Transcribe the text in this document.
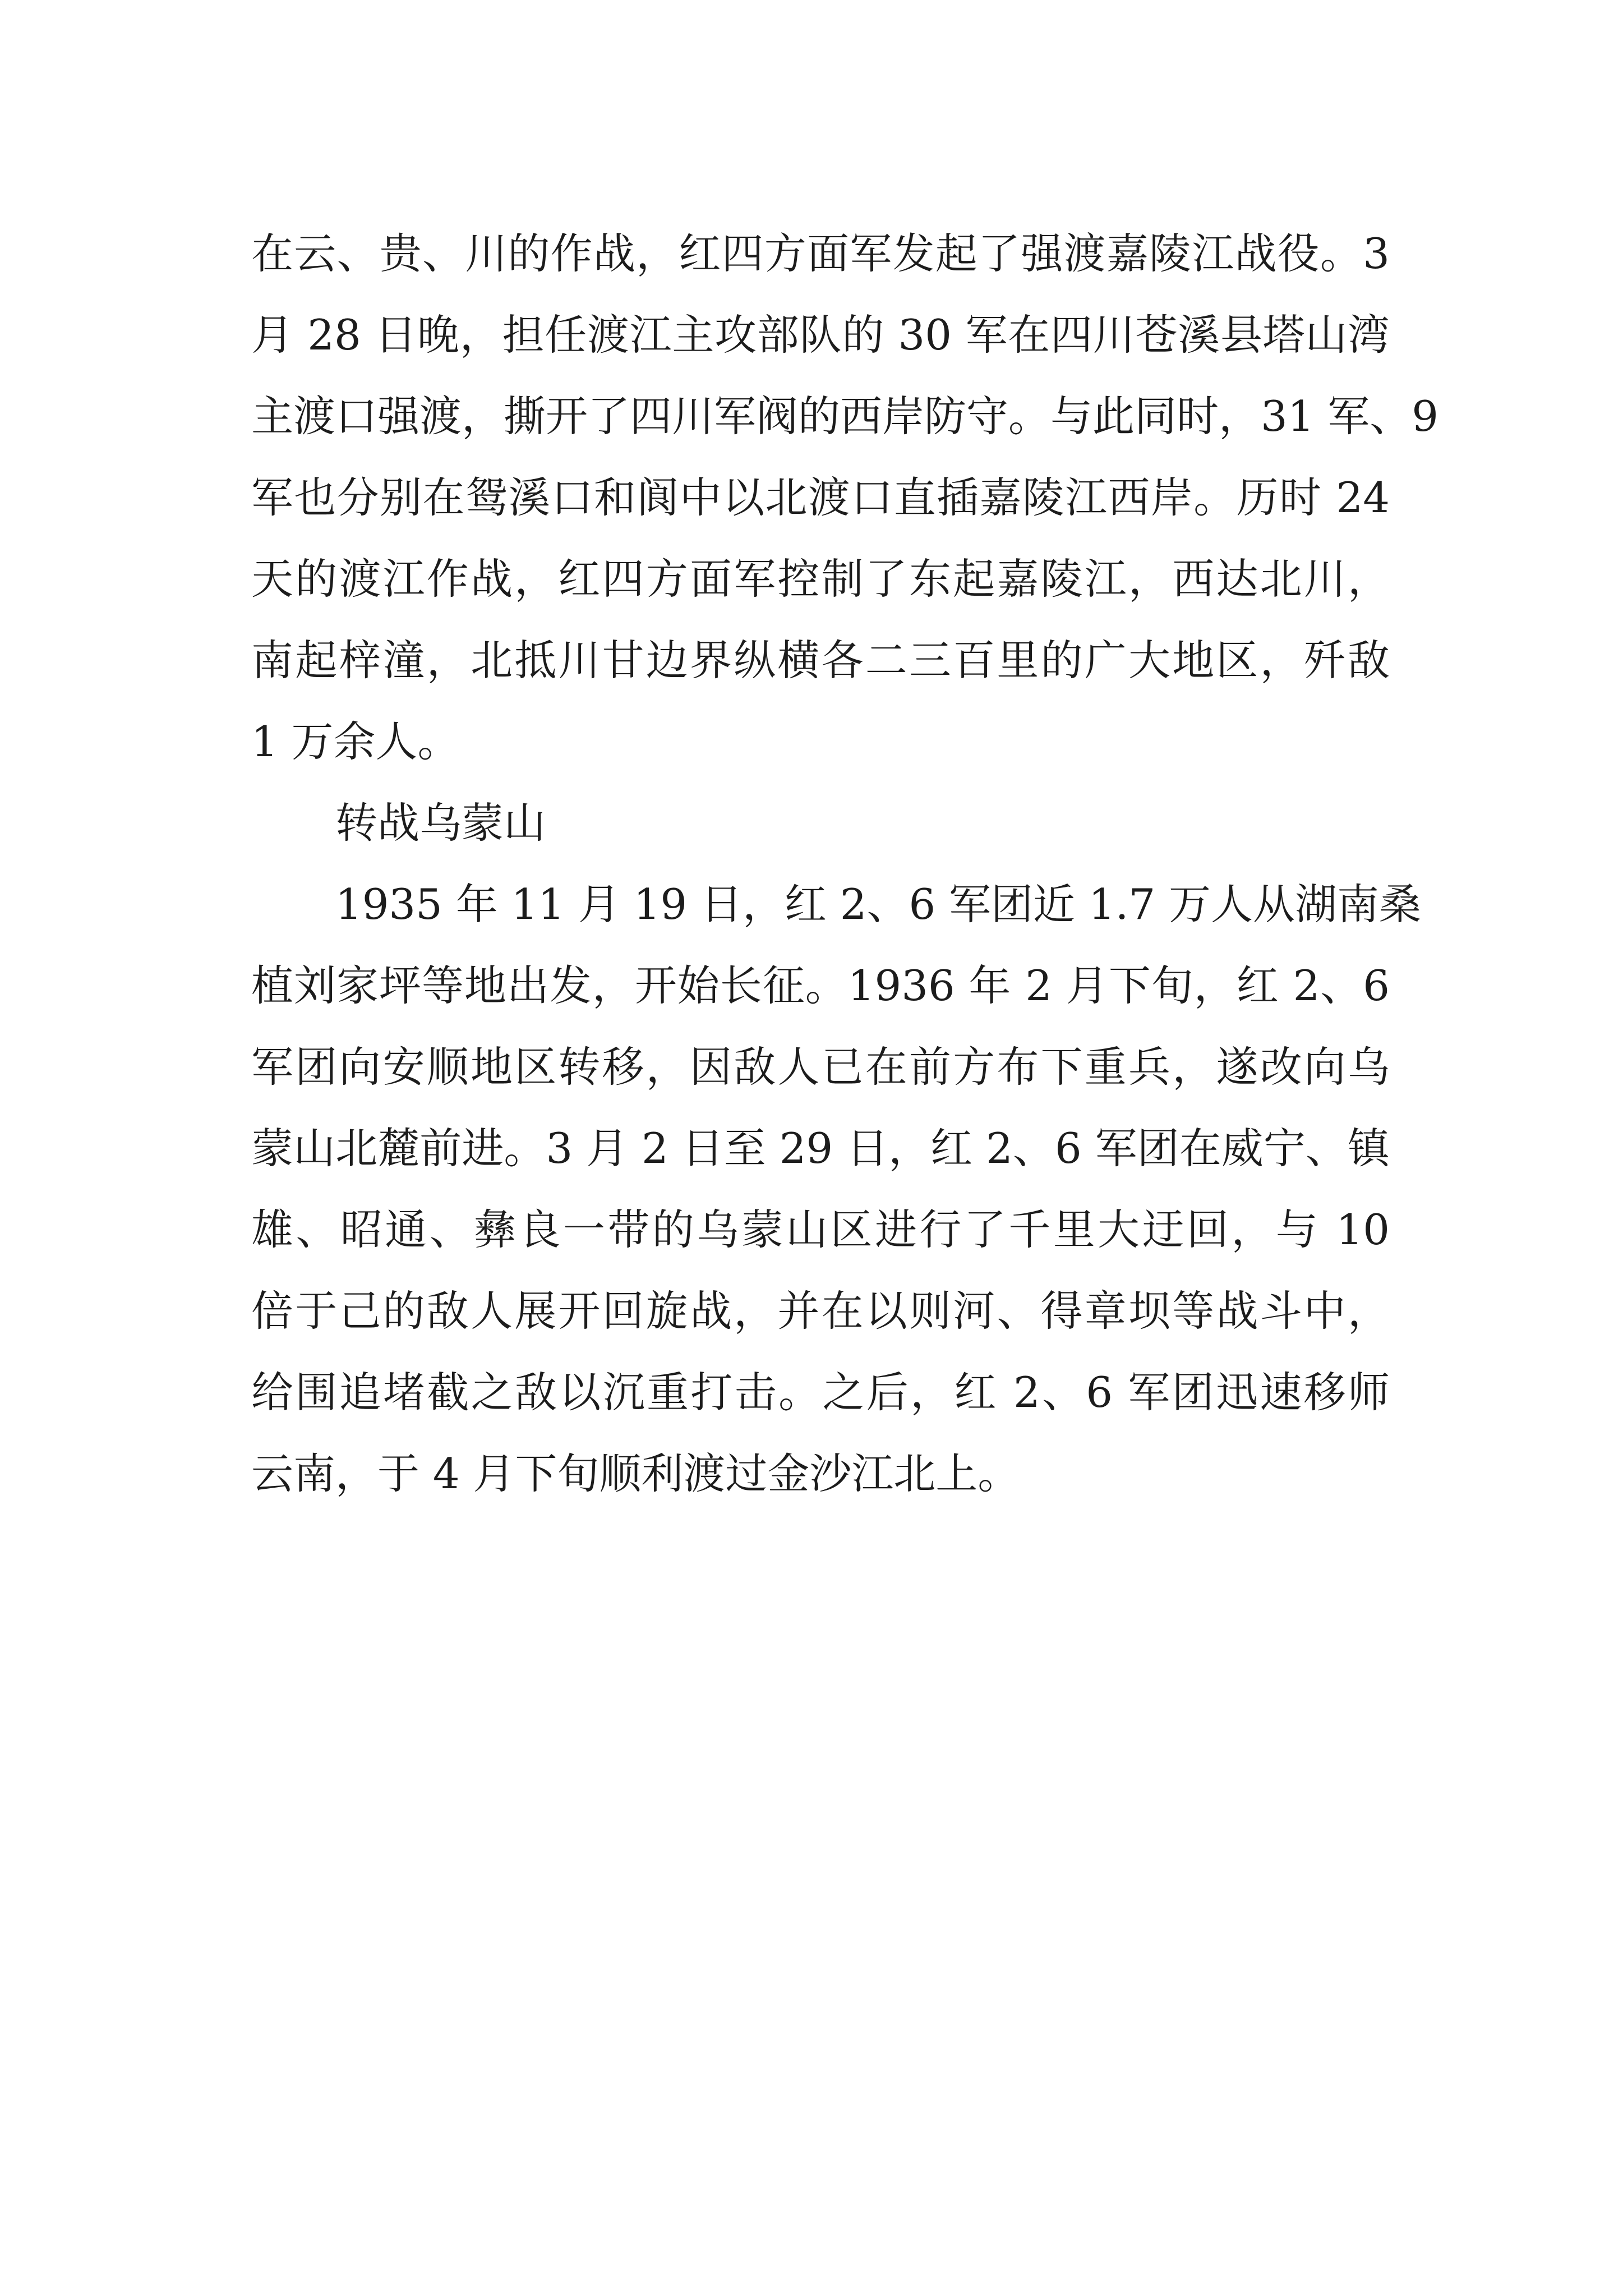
在云、贵、川的作战，红四方面军发起了强渡嘉陵江战役。3
月 28 日晚，担任渡江主攻部队的 30 军在四川苍溪县塔山湾
主渡口强渡，撕开了四川军阀的西岸防守。与此同时，31 军、9
军也分别在鸳溪口和阆中以北渡口直插嘉陵江西岸。历时 24
天的渡江作战，红四方面军控制了东起嘉陵江，西达北川，
南起梓潼，北抵川甘边界纵横各二三百里的广大地区，歼敌
1 万余人。
转战乌蒙山
1935 年 11 月 19 日，红 2、6 军团近 1.7 万人从湖南桑
植刘家坪等地出发，开始长征。1936 年 2 月下旬，红 2、6
军团向安顺地区转移，因敌人已在前方布下重兵，遂改向乌
蒙山北麓前进。3 月 2 日至 29 日，红 2、6 军团在威宁、镇
雄、昭通、彝良一带的乌蒙山区进行了千里大迂回，与 10
倍于己的敌人展开回旋战，并在以则河、得章坝等战斗中，
给围追堵截之敌以沉重打击。之后，红 2、6 军团迅速移师
云南，于 4 月下旬顺利渡过金沙江北上。
